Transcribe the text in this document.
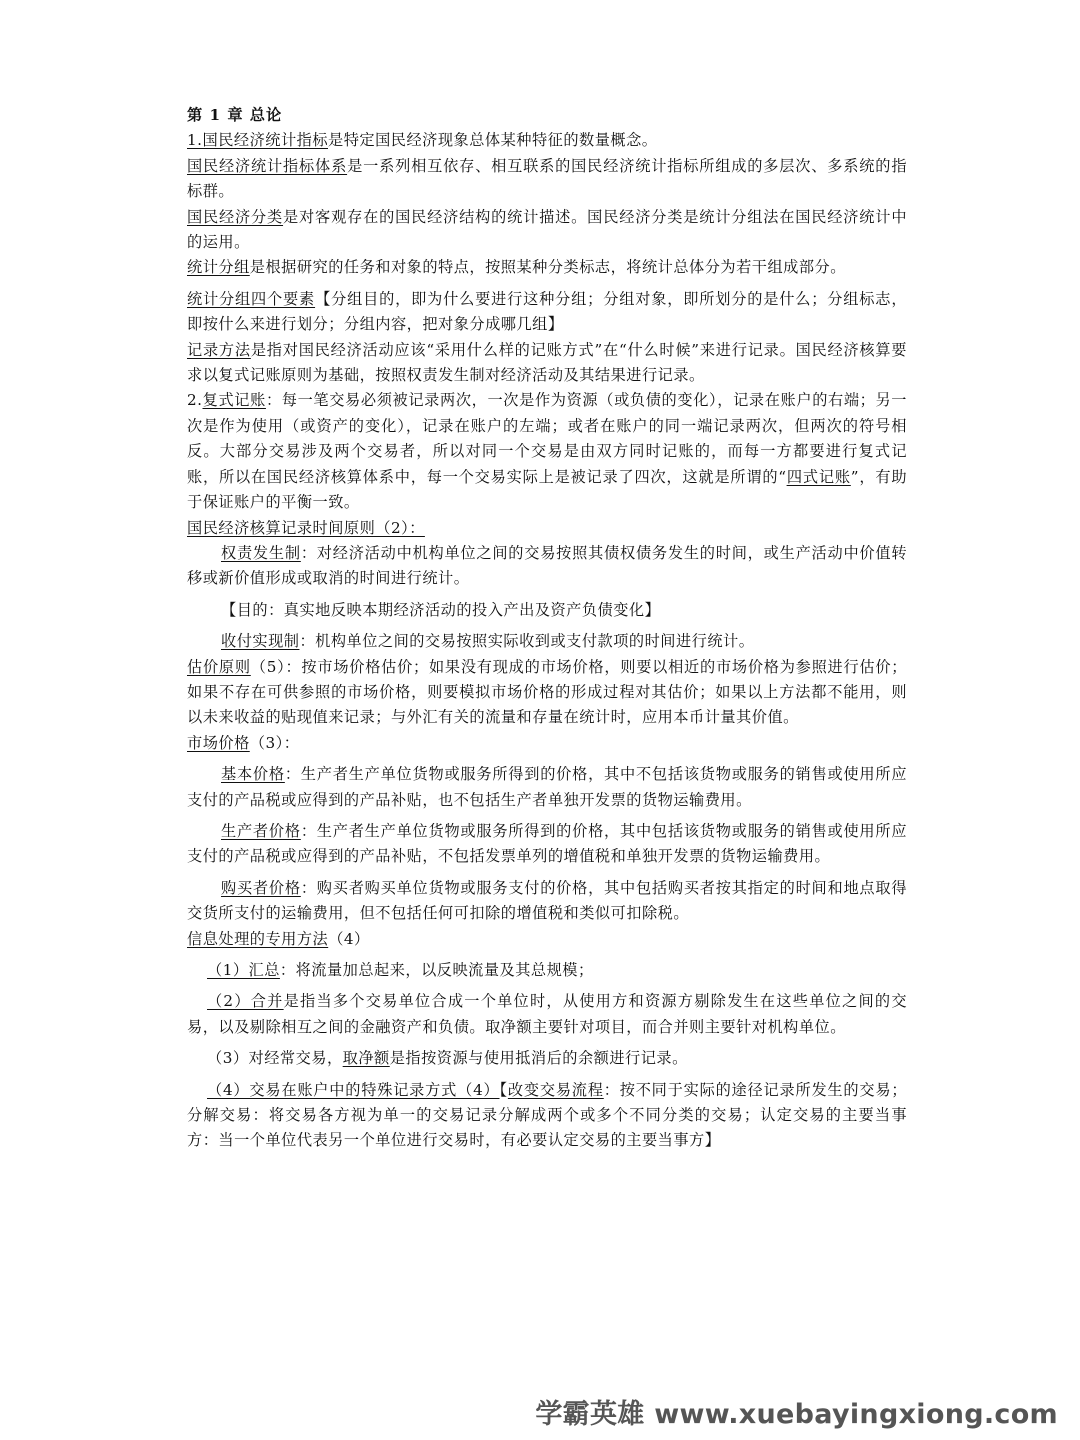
第 1 章 总论

1.国民经济统计指标是特定国民经济现象总体某种特征的数量概念。

国民经济统计指标体系是一系列相互依存、相互联系的国民经济统计指标所组成的多层次、多系统的指标群。

国民经济分类是对客观存在的国民经济结构的统计描述。国民经济分类是统计分组法在国民经济统计中的运用。

统计分组是根据研究的任务和对象的特点，按照某种分类标志，将统计总体分为若干组成部分。

统计分组四个要素【分组目的，即为什么要进行这种分组；分组对象，即所划分的是什么；分组标志，即按什么来进行划分；分组内容，把对象分成哪几组】

记录方法是指对国民经济活动应该“采用什么样的记账方式”在“什么时候”来进行记录。国民经济核算要求以复式记账原则为基础，按照权责发生制对经济活动及其结果进行记录。

2.复式记账：每一笔交易必须被记录两次，一次是作为资源（或负债的变化），记录在账户的右端；另一次是作为使用（或资产的变化），记录在账户的左端；或者在账户的同一端记录两次，但两次的符号相反。大部分交易涉及两个交易者，所以对同一个交易是由双方同时记账的，而每一方都要进行复式记账，所以在国民经济核算体系中，每一个交易实际上是被记录了四次，这就是所谓的“四式记账”，有助于保证账户的平衡一致。

国民经济核算记录时间原则（2）：

权责发生制：对经济活动中机构单位之间的交易按照其债权债务发生的时间，或生产活动中价值转移或新价值形成或取消的时间进行统计。

【目的：真实地反映本期经济活动的投入产出及资产负债变化】

收付实现制：机构单位之间的交易按照实际收到或支付款项的时间进行统计。

估价原则（5）：按市场价格估价；如果没有现成的市场价格，则要以相近的市场价格为参照进行估价；如果不存在可供参照的市场价格，则要模拟市场价格的形成过程对其估价；如果以上方法都不能用，则以未来收益的贴现值来记录；与外汇有关的流量和存量在统计时，应用本币计量其价值。

市场价格（3）：

基本价格：生产者生产单位货物或服务所得到的价格，其中不包括该货物或服务的销售或使用所应支付的产品税或应得到的产品补贴，也不包括生产者单独开发票的货物运输费用。

生产者价格：生产者生产单位货物或服务所得到的价格，其中包括该货物或服务的销售或使用所应支付的产品税或应得到的产品补贴，不包括发票单列的增值税和单独开发票的货物运输费用。

购买者价格：购买者购买单位货物或服务支付的价格，其中包括购买者按其指定的时间和地点取得交货所支付的运输费用，但不包括任何可扣除的增值税和类似可扣除税。

信息处理的专用方法（4）

（1）汇总：将流量加总起来，以反映流量及其总规模；

（2）合并是指当多个交易单位合成一个单位时，从使用方和资源方剔除发生在这些单位之间的交易，以及剔除相互之间的金融资产和负债。取净额主要针对项目，而合并则主要针对机构单位。

（3）对经常交易，取净额是指按资源与使用抵消后的余额进行记录。

（4）交易在账户中的特殊记录方式（4）【改变交易流程：按不同于实际的途径记录所发生的交易；分解交易：将交易各方视为单一的交易记录分解成两个或多个不同分类的交易；认定交易的主要当事方：当一个单位代表另一个单位进行交易时，有必要认定交易的主要当事方】

学霸英雄 www.xuebayingxiong.com
